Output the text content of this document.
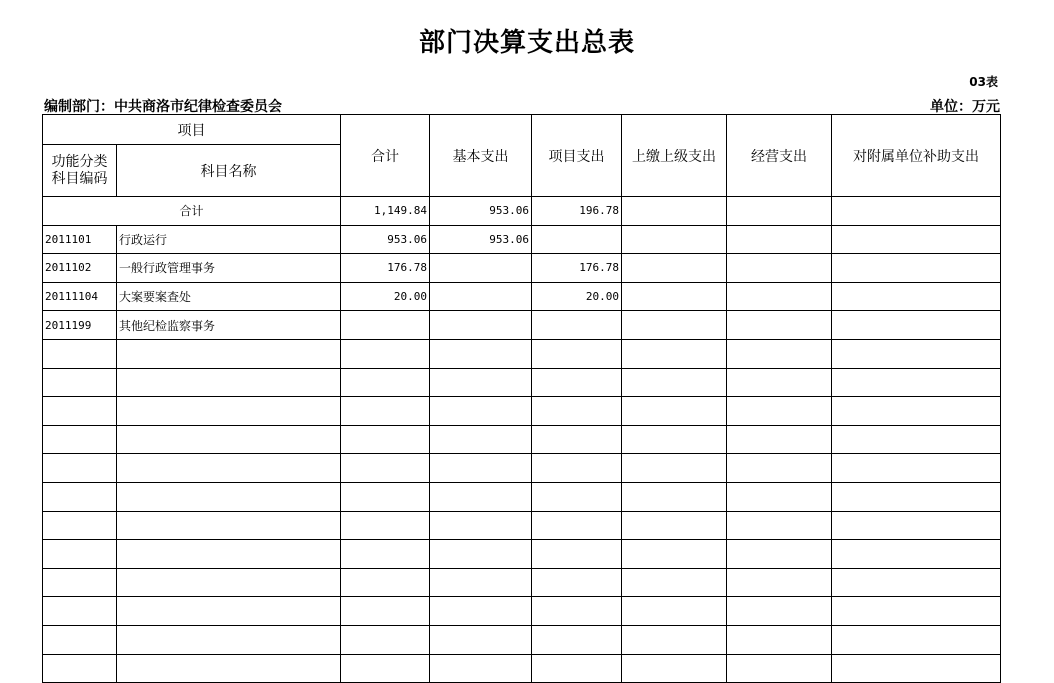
部门决算支出总表
03表
编制部门：中共商洛市纪律检查委员会	单位：万元
项目		合计	基本支出	项目支出	上缴上级支出	经营支出	对附属单位补助支出
功能分类科目编码	科目名称						
合计		1,149.84	953.06	196.78			
2011101	行政运行	953.06	953.06				
2011102	一般行政管理事务	176.78		176.78			
20111104	大案要案查处	20.00		20.00			
2011199	其他纪检监察事务						
